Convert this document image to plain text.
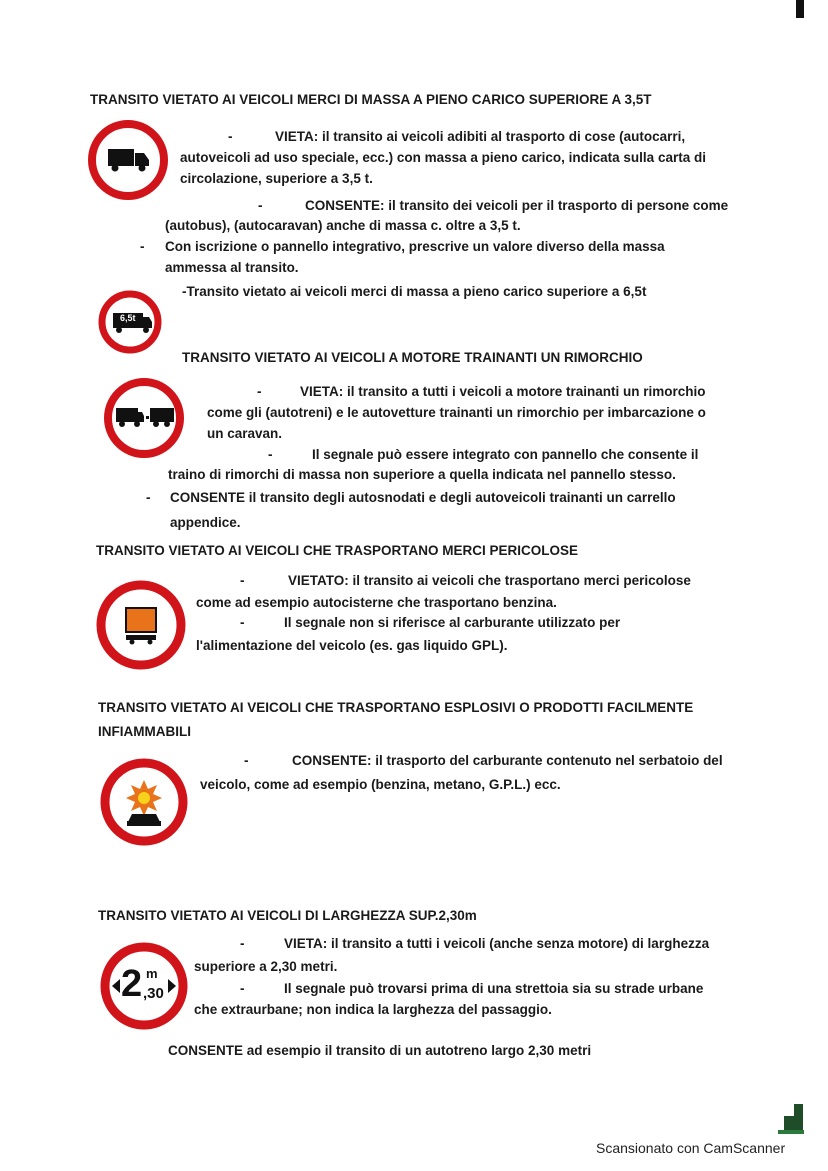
TRANSITO VIETATO AI VEICOLI MERCI DI MASSA A PIENO CARICO SUPERIORE A 3,5T
-	VIETA: il transito ai veicoli adibiti al trasporto di cose (autocarri,
autoveicoli ad uso speciale, ecc.) con massa a pieno carico, indicata sulla carta di
circolazione, superiore a 3,5 t.
-	CONSENTE: il transito dei veicoli per il trasporto di persone come
(autobus), (autocaravan) anche di massa c. oltre a 3,5 t.
- Con iscrizione o pannello integrativo, prescrive un valore diverso della massa
ammessa al transito.
-Transito vietato ai veicoli merci di massa a pieno carico superiore a 6,5t
6,5t
TRANSITO VIETATO AI VEICOLI A MOTORE TRAINANTI UN RIMORCHIO
-	VIETA: il transito a tutti i veicoli a motore trainanti un rimorchio
come gli (autotreni) e le autovetture trainanti un rimorchio per imbarcazione o
un caravan.
-	Il segnale può essere integrato con pannello che consente il
traino di rimorchi di massa non superiore a quella indicata nel pannello stesso.
- CONSENTE il transito degli autosnodati e degli autoveicoli trainanti un carrello
appendice.
TRANSITO VIETATO AI VEICOLI CHE TRASPORTANO MERCI PERICOLOSE
-	VIETATO: il transito ai veicoli che trasportano merci pericolose
come ad esempio autocisterne che trasportano benzina.
-	Il segnale non si riferisce al carburante utilizzato per
l'alimentazione del veicolo (es. gas liquido GPL).
TRANSITO VIETATO AI VEICOLI CHE TRASPORTANO ESPLOSIVI O PRODOTTI FACILMENTE
INFIAMMABILI
-	CONSENTE: il trasporto del carburante contenuto nel serbatoio del
veicolo, come ad esempio (benzina, metano, G.P.L.) ecc.
TRANSITO VIETATO AI VEICOLI DI LARGHEZZA SUP.2,30m
2 m
,30
-	VIETA: il transito a tutti i veicoli (anche senza motore) di larghezza
superiore a 2,30 metri.
-	Il segnale può trovarsi prima di una strettoia sia su strade urbane
che extraurbane; non indica la larghezza del passaggio.
CONSENTE ad esempio il transito di un autotreno largo 2,30 metri
Scansionato con CamScanner
